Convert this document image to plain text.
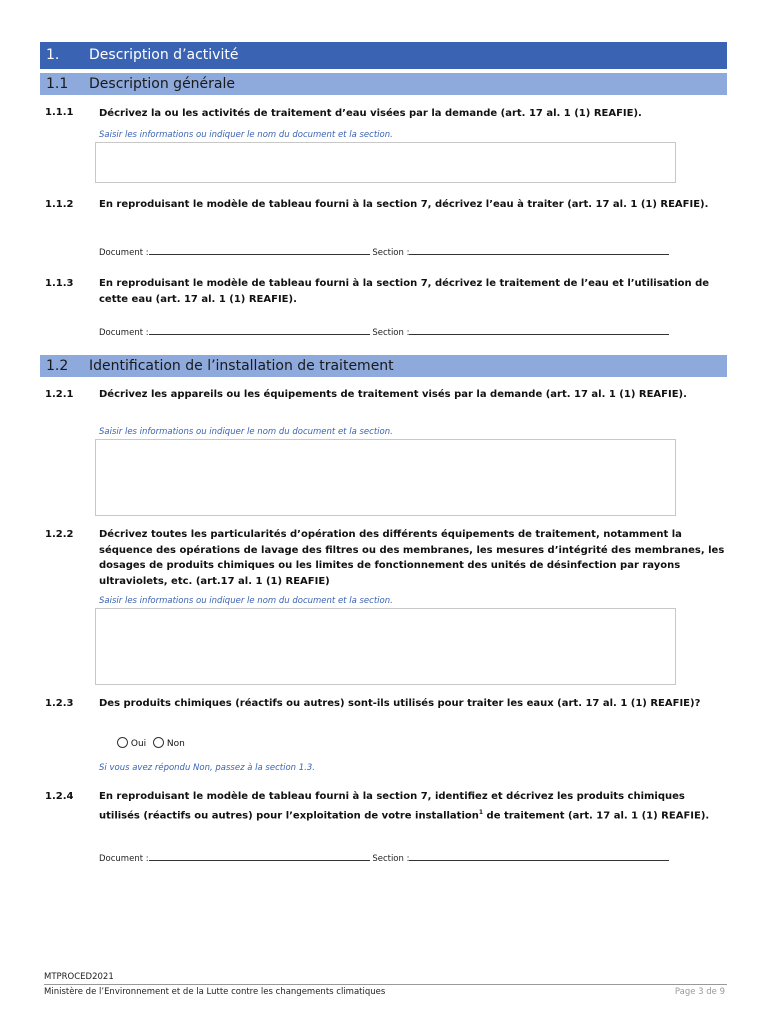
1. Description d’activité
1.1 Description générale
1.1.1	Décrivez la ou les activités de traitement d’eau visées par la demande (art. 17 al. 1 (1) REAFIE).
Saisir les informations ou indiquer le nom du document et la section.
1.1.2	En reproduisant le modèle de tableau fourni à la section 7, décrivez l’eau à traiter (art. 17 al. 1 (1) REAFIE).
Document :	Section :
1.1.3	En reproduisant le modèle de tableau fourni à la section 7, décrivez le traitement de l’eau et l’utilisation de cette eau (art. 17 al. 1 (1) REAFIE).
Document :	Section :
1.2 Identification de l’installation de traitement
1.2.1	Décrivez les appareils ou les équipements de traitement visés par la demande (art. 17 al. 1 (1) REAFIE).
Saisir les informations ou indiquer le nom du document et la section.
1.2.2	Décrivez toutes les particularités d’opération des différents équipements de traitement, notamment la séquence des opérations de lavage des filtres ou des membranes, les mesures d’intégrité des membranes, les dosages de produits chimiques ou les limites de fonctionnement des unités de désinfection par rayons ultraviolets, etc. (art.17 al. 1 (1) REAFIE)
Saisir les informations ou indiquer le nom du document et la section.
1.2.3	Des produits chimiques (réactifs ou autres) sont-ils utilisés pour traiter les eaux (art. 17 al. 1 (1) REAFIE)?
Oui Non
Si vous avez répondu Non, passez à la section 1.3.
1.2.4	En reproduisant le modèle de tableau fourni à la section 7, identifiez et décrivez les produits chimiques utilisés (réactifs ou autres) pour l’exploitation de votre installation$^1$ de traitement (art. 17 al. 1 (1) REAFIE).
Document :	Section :
MTPROCED2021
Ministère de l’Environnement et de la Lutte contre les changements climatiques	Page 3 de 9
